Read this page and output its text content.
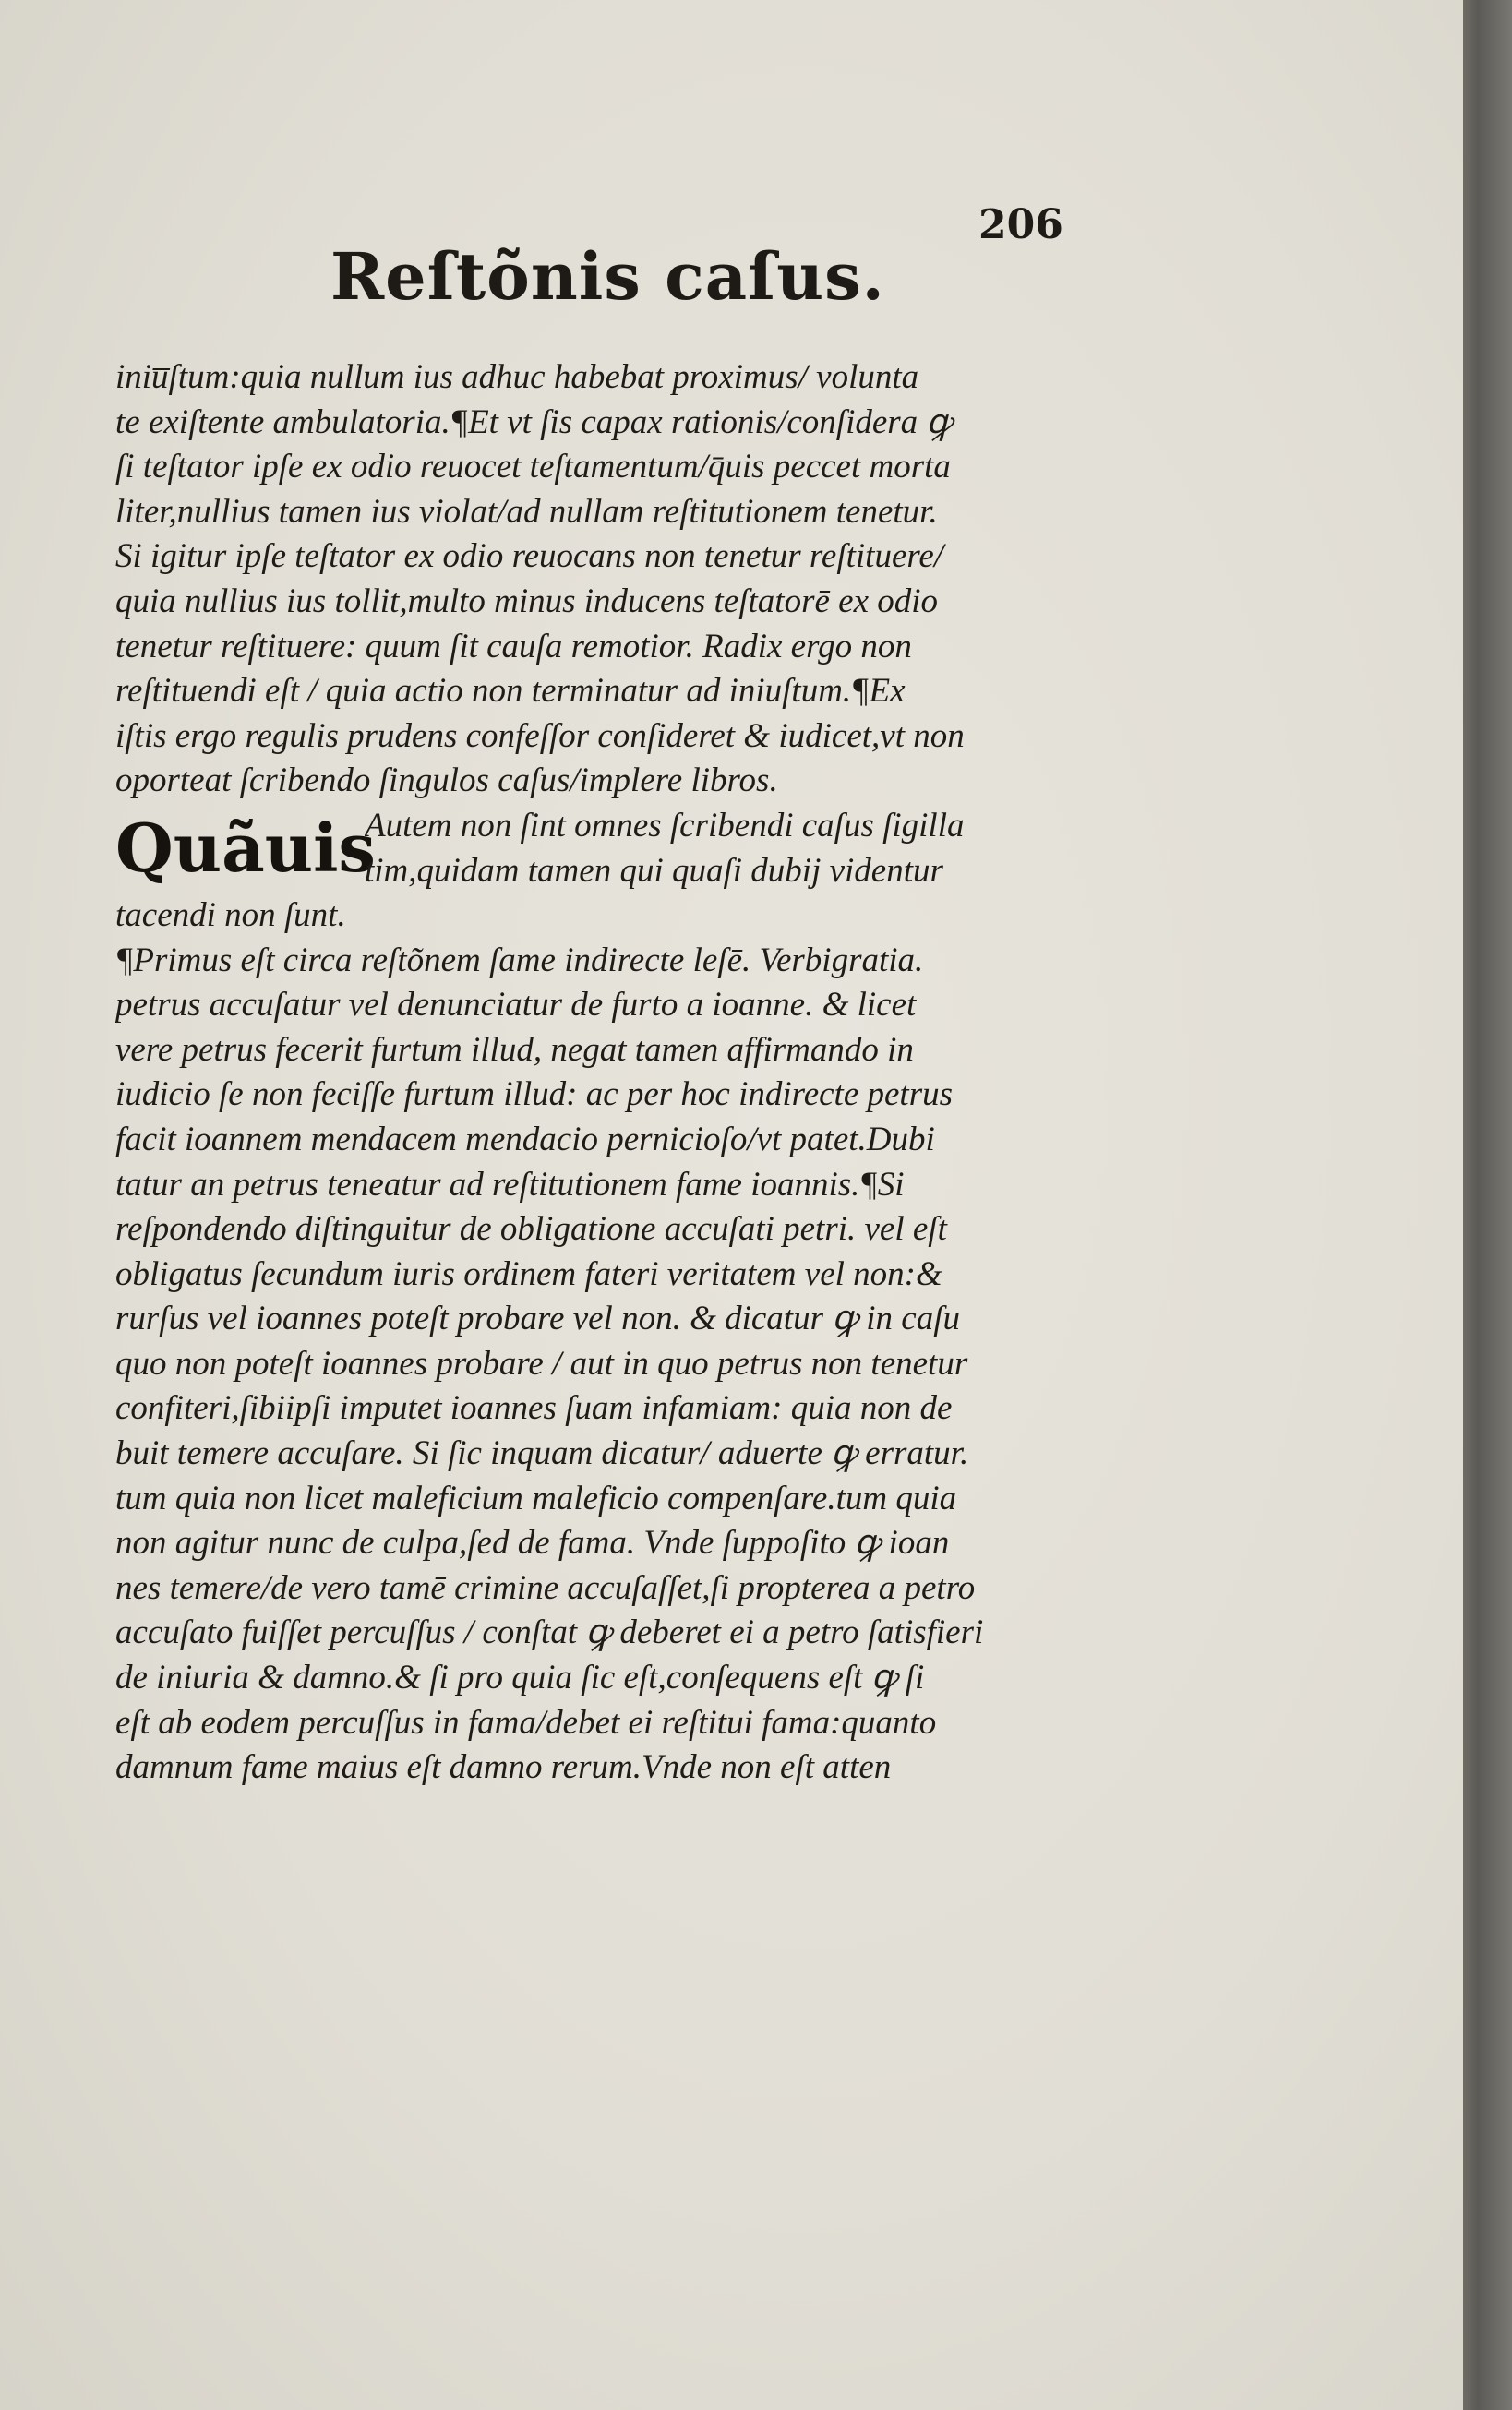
206
Reſtõnis caſus.
iniu̅ſtum:quia nullum ius adhuc habebat proximus/ volunta
te exiſtente ambulatoria.¶Et vt ſis capax rationis/conſidera ꝙ
ſi teſtator ipſe ex odio reuocet teſtamentum/q̄uis peccet morta
liter,nullius tamen ius violat/ad nullam reſtitutionem tenetur.
Si igitur ipſe teſtator ex odio reuocans non tenetur reſtituere/
quia nullius ius tollit,multo minus inducens teſtatorē ex odio
tenetur reſtituere: quum ſit cauſa remotior. Radix ergo non
reſtituendi eſt / quia actio non terminatur ad iniuſtum.¶Ex
iſtis ergo regulis prudens confeſſor conſideret & iudicet,vt non
oporteat ſcribendo ſingulos caſus/implere libros.
Quãuis
Autem non ſint omnes ſcribendi caſus ſigilla
tim,quidam tamen qui quaſi dubij videntur
tacendi non ſunt.
¶Primus eſt circa reſtõnem ſame indirecte leſē. Verbigratia.
petrus accuſatur vel denunciatur de furto a ioanne. & licet
vere petrus fecerit furtum illud, negat tamen affirmando in
iudicio ſe non feciſſe furtum illud: ac per hoc indirecte petrus
facit ioannem mendacem mendacio pernicioſo/vt patet.Dubi
tatur an petrus teneatur ad reſtitutionem fame ioannis.¶Si
reſpondendo diſtinguitur de obligatione accuſati petri. vel eſt
obligatus ſecundum iuris ordinem fateri veritatem vel non:&
rurſus vel ioannes poteſt probare vel non. & dicatur ꝙ in caſu
quo non poteſt ioannes probare / aut in quo petrus non tenetur
confiteri,ſibiipſi imputet ioannes ſuam infamiam: quia non de
buit temere accuſare. Si ſic inquam dicatur/ aduerte ꝙ erratur.
tum quia non licet maleficium maleficio compenſare.tum quia
non agitur nunc de culpa,ſed de fama. Vnde ſuppoſito ꝙ ioan
nes temere/de vero tamē crimine accuſaſſet,ſi propterea a petro
accuſato fuiſſet percuſſus / conſtat ꝙ deberet ei a petro ſatisfieri
de iniuria & damno.& ſi pro quia ſic eſt,conſequens eſt ꝙ ſi
eſt ab eodem percuſſus in fama/debet ei reſtitui fama:quanto
damnum fame maius eſt damno rerum.Vnde non eſt atten
